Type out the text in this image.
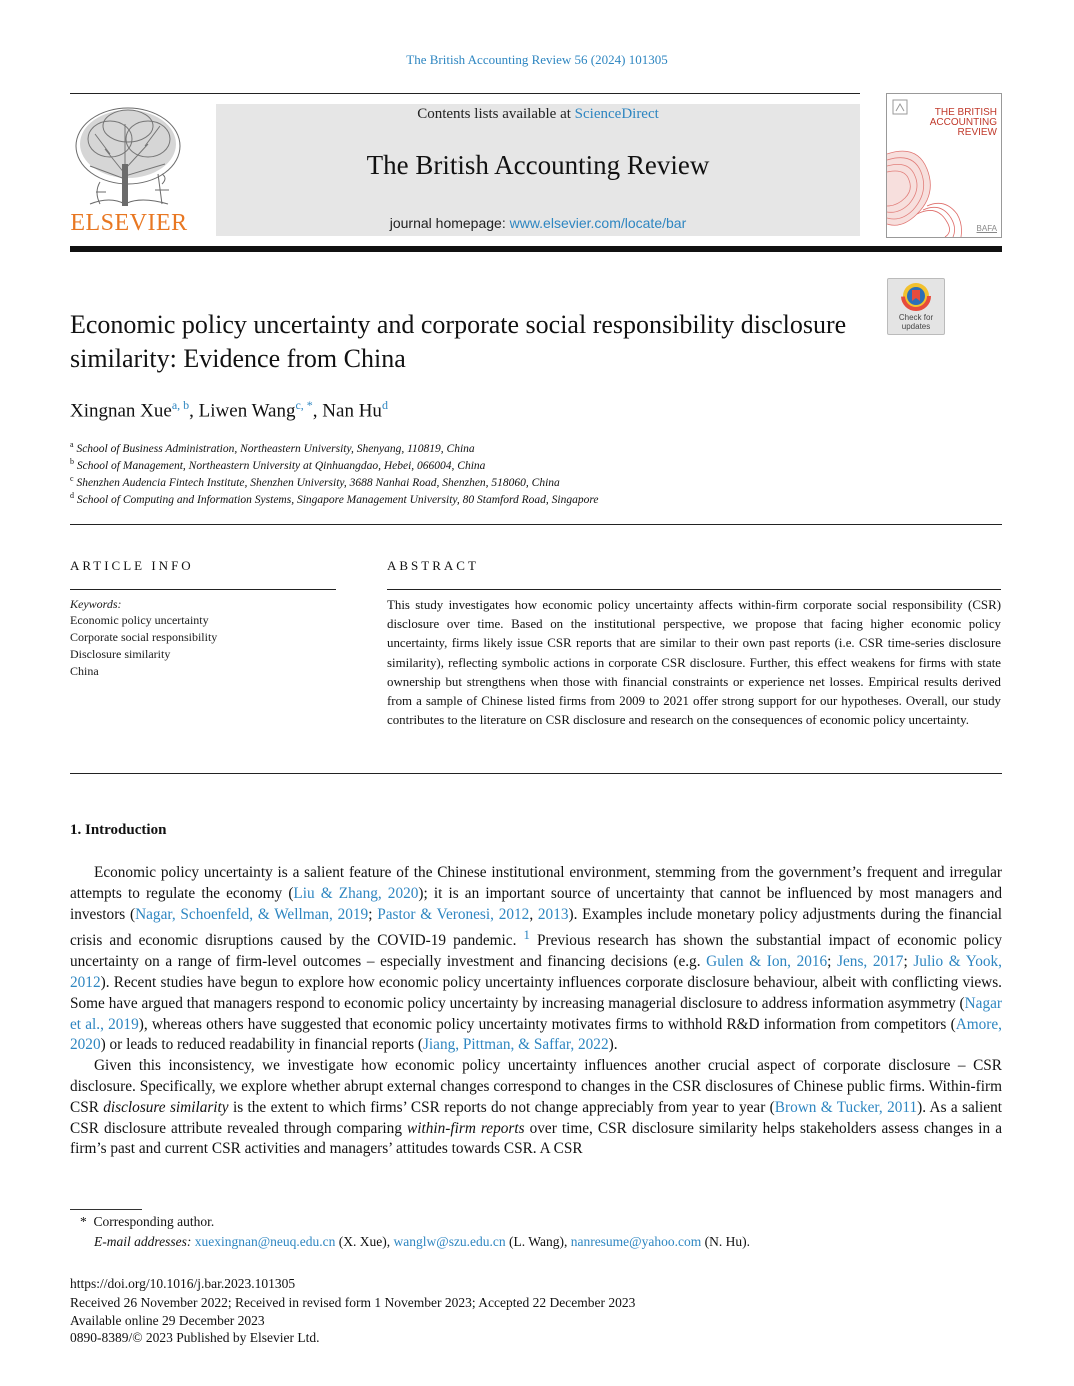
The British Accounting Review 56 (2024) 101305
ELSEVIER
Contents lists available at ScienceDirect
The British Accounting Review
journal homepage: www.elsevier.com/locate/bar
THE BRITISH
ACCOUNTING
REVIEW
BAFA
Check for updates
Economic policy uncertainty and corporate social responsibility disclosure similarity: Evidence from China
Xingnan Xue$^{a, b}$, Liwen Wang$^{c, *}$, Nan Hu$^d$
$^a$ School of Business Administration, Northeastern University, Shenyang, 110819, China
$^b$ School of Management, Northeastern University at Qinhuangdao, Hebei, 066004, China
$^c$ Shenzhen Audencia Fintech Institute, Shenzhen University, 3688 Nanhai Road, Shenzhen, 518060, China
$^d$ School of Computing and Information Systems, Singapore Management University, 80 Stamford Road, Singapore
ARTICLE INFO
Keywords:
Economic policy uncertainty
Corporate social responsibility
Disclosure similarity
China
ABSTRACT
This study investigates how economic policy uncertainty affects within-firm corporate social responsibility (CSR) disclosure over time. Based on the institutional perspective, we propose that facing higher economic policy uncertainty, firms likely issue CSR reports that are similar to their own past reports (i.e. CSR time-series disclosure similarity), reflecting symbolic actions in corporate CSR disclosure. Further, this effect weakens for firms with state ownership but strengthens when those with financial constraints or experience net losses. Empirical results derived from a sample of Chinese listed firms from 2009 to 2021 offer strong support for our hypotheses. Overall, our study contributes to the literature on CSR disclosure and research on the consequences of economic policy uncertainty.
1. Introduction

Economic policy uncertainty is a salient feature of the Chinese institutional environment, stemming from the government’s frequent and irregular attempts to regulate the economy (Liu & Zhang, 2020); it is an important source of uncertainty that cannot be influenced by most managers and investors (Nagar, Schoenfeld, & Wellman, 2019; Pastor & Veronesi, 2012, 2013). Examples include monetary policy adjustments during the financial crisis and economic disruptions caused by the COVID-19 pandemic. $^1$ Previous research has shown the substantial impact of economic policy uncertainty on a range of firm-level outcomes – especially investment and financing decisions (e.g. Gulen & Ion, 2016; Jens, 2017; Julio & Yook, 2012). Recent studies have begun to explore how economic policy uncertainty influences corporate disclosure behaviour, albeit with conflicting views. Some have argued that managers respond to economic policy uncertainty by increasing managerial disclosure to address information asymmetry (Nagar et al., 2019), whereas others have suggested that economic policy uncertainty motivates firms to withhold R&D information from competitors (Amore, 2020) or leads to reduced readability in financial reports (Jiang, Pittman, & Saffar, 2022).

Given this inconsistency, we investigate how economic policy uncertainty influences another crucial aspect of corporate disclosure – CSR disclosure. Specifically, we explore whether abrupt external changes correspond to changes in the CSR disclosures of Chinese public firms. Within-firm CSR disclosure similarity is the extent to which firms’ CSR reports do not change appreciably from year to year (Brown & Tucker, 2011). As a salient CSR disclosure attribute revealed through comparing within-firm reports over time, CSR disclosure similarity helps stakeholders assess changes in a firm’s past and current CSR activities and managers’ attitudes towards CSR. A CSR

* Corresponding author.
E-mail addresses: xuexingnan@neuq.edu.cn (X. Xue), wanglw@szu.edu.cn (L. Wang), nanresume@yahoo.com (N. Hu).
https://doi.org/10.1016/j.bar.2023.101305
Received 26 November 2022; Received in revised form 1 November 2023; Accepted 22 December 2023
Available online 29 December 2023
0890-8389/© 2023 Published by Elsevier Ltd.
